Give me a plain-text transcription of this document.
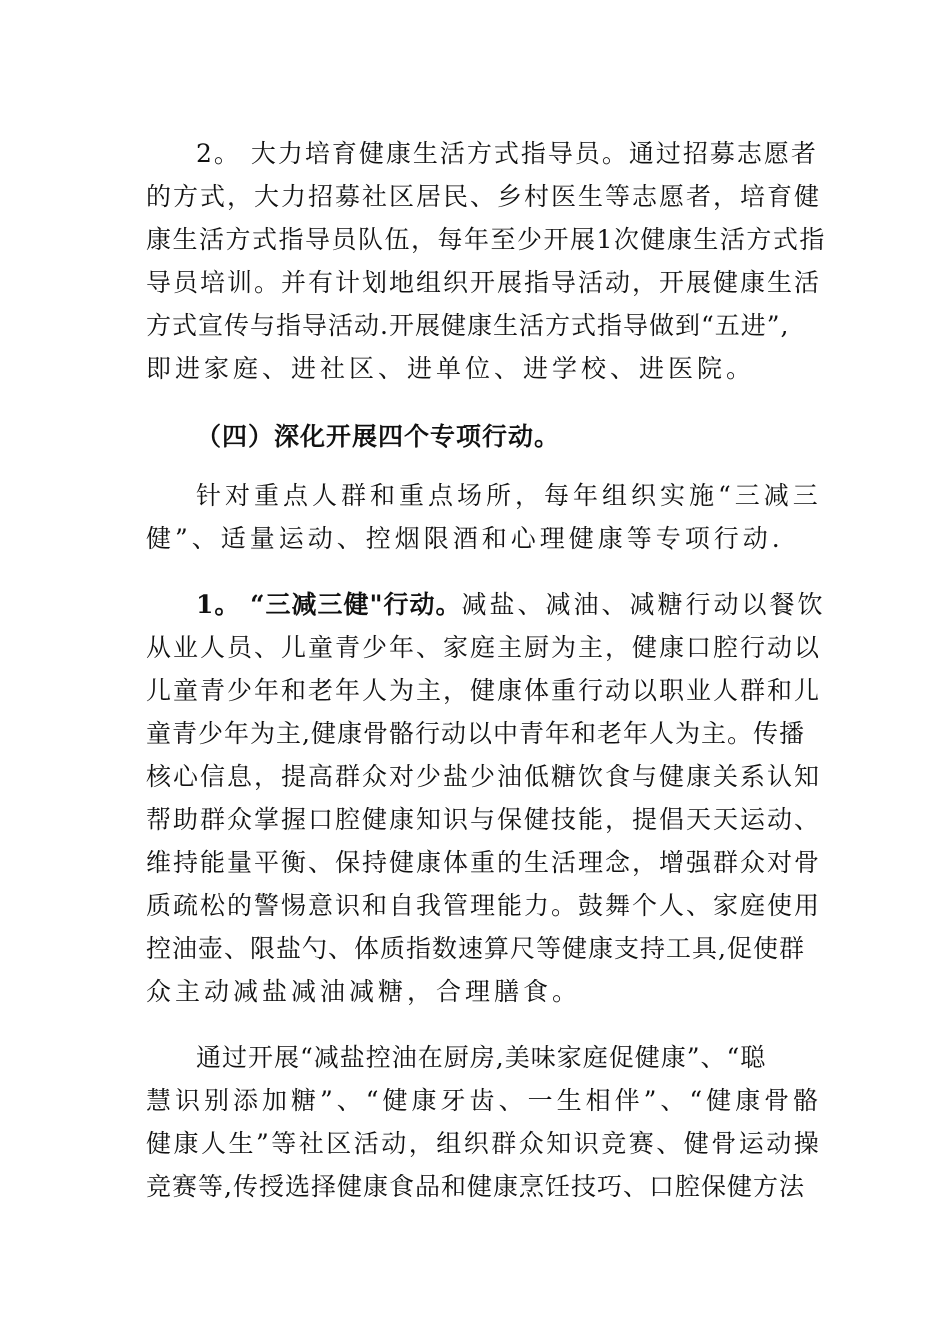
2。 大力培育健康生活方式指导员。通过招募志愿者
的方式，大力招募社区居民、乡村医生等志愿者，培育健
康生活方式指导员队伍，每年至少开展1次健康生活方式指
导员培训。并有计划地组织开展指导活动，开展健康生活
方式宣传与指导活动.开展健康生活方式指导做到“五进”,
即进家庭、进社区、进单位、进学校、进医院。
（四）深化开展四个专项行动。
针对重点人群和重点场所，每年组织实施“三减三
健”、适量运动、控烟限酒和心理健康等专项行动.
1。 “三减三健"行动。减盐、减油、减糖行动以餐饮
从业人员、儿童青少年、家庭主厨为主，健康口腔行动以
儿童青少年和老年人为主，健康体重行动以职业人群和儿
童青少年为主,健康骨骼行动以中青年和老年人为主。传播
核心信息，提高群众对少盐少油低糖饮食与健康关系认知
帮助群众掌握口腔健康知识与保健技能，提倡天天运动、
维持能量平衡、保持健康体重的生活理念，增强群众对骨
质疏松的警惕意识和自我管理能力。鼓舞个人、家庭使用
控油壶、限盐勺、体质指数速算尺等健康支持工具,促使群
众主动减盐减油减糖，合理膳食。
通过开展“减盐控油在厨房,美味家庭促健康”、“聪
慧识别添加糖”、“健康牙齿、一生相伴”、“健康骨骼
健康人生”等社区活动，组织群众知识竞赛、健骨运动操
竞赛等,传授选择健康食品和健康烹饪技巧、口腔保健方法
